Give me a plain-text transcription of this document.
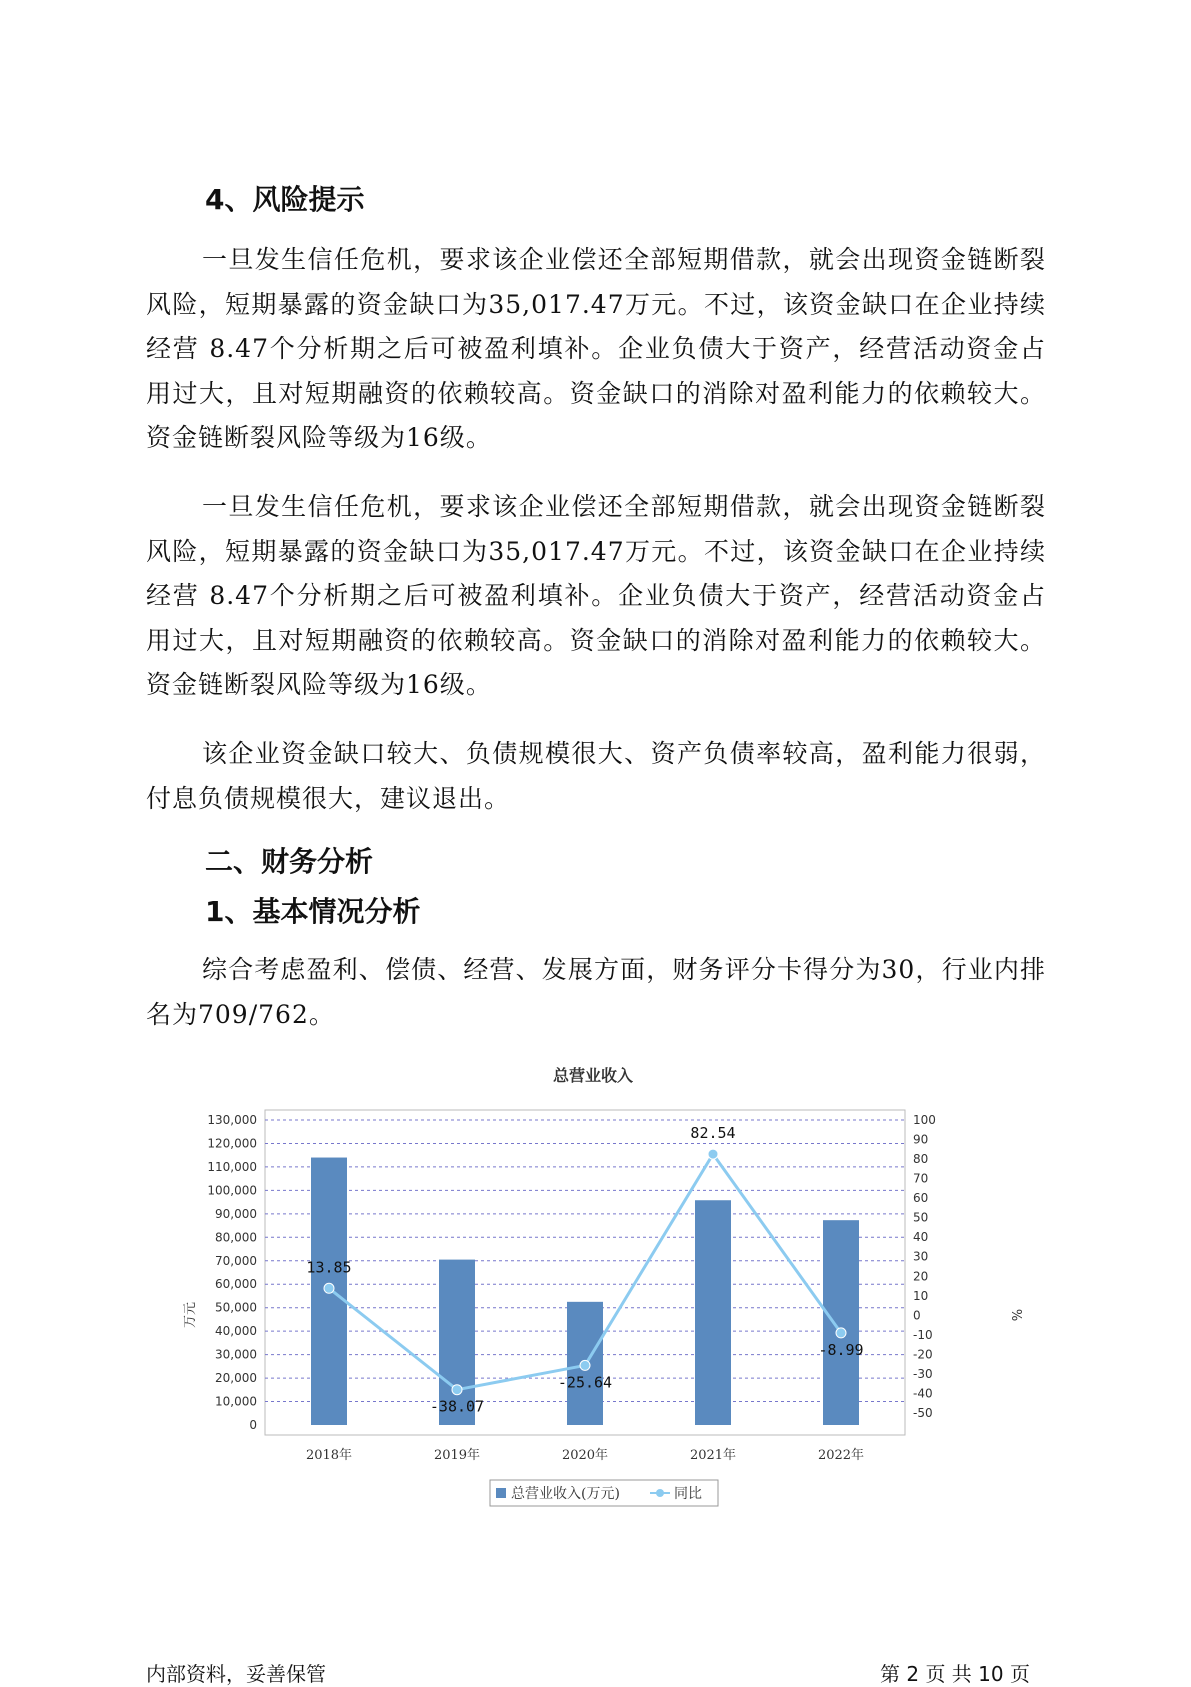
4、风险提示

一旦发生信任危机，要求该企业偿还全部短期借款，就会出现资金链断裂风险，短期暴露的资金缺口为35,017.47万元。不过，该资金缺口在企业持续经营 8.47个分析期之后可被盈利填补。企业负债大于资产，经营活动资金占用过大，且对短期融资的依赖较高。资金缺口的消除对盈利能力的依赖较大。资金链断裂风险等级为16级。

一旦发生信任危机，要求该企业偿还全部短期借款，就会出现资金链断裂风险，短期暴露的资金缺口为35,017.47万元。不过，该资金缺口在企业持续经营 8.47个分析期之后可被盈利填补。企业负债大于资产，经营活动资金占用过大，且对短期融资的依赖较高。资金缺口的消除对盈利能力的依赖较大。资金链断裂风险等级为16级。

该企业资金缺口较大、负债规模很大、资产负债率较高，盈利能力很弱，付息负债规模很大，建议退出。

二、财务分析
1、基本情况分析

综合考虑盈利、偿债、经营、发展方面，财务评分卡得分为30，行业内排名为709/762。

总营业收入
130,000
120,000
110,000
100,000
90,000
80,000
70,000
60,000
50,000
40,000
30,000
20,000
10,000
0
100
90
80
70
60
50
40
30
20
10
0
-10
-20
-30
-40
-50
13.85
-38.07
-25.64
82.54
-8.99
2018年	2019年	2020年	2021年	2022年
万元	%
总营业收入(万元)	同比
内部资料，妥善保管	第 2 页 共 10 页
